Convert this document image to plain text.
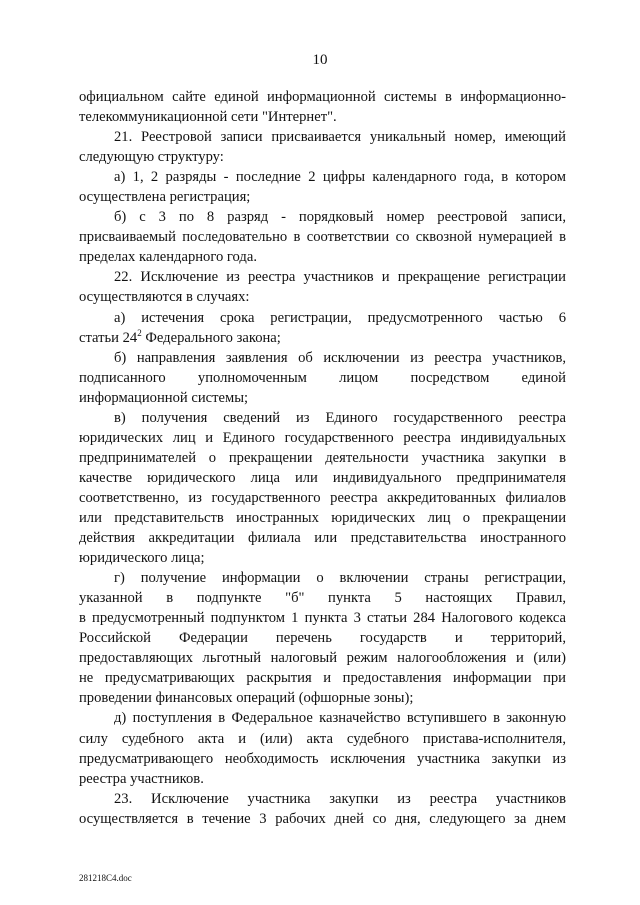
10
официальном сайте единой информационной системы в информационно-
телекоммуникационной сети "Интернет".
21. Реестровой записи присваивается уникальный номер, имеющий
следующую структуру:
а) 1, 2 разряды - последние 2 цифры календарного года, в котором
осуществлена регистрация;
б) с 3 по 8 разряд - порядковый номер реестровой записи,
присваиваемый последовательно в соответствии со сквозной нумерацией в
пределах календарного года.
22. Исключение из реестра участников и прекращение регистрации
осуществляются в случаях:
а) истечения срока регистрации, предусмотренного частью 6
статьи $24^2$ Федерального закона;
б) направления заявления об исключении из реестра участников,
подписанного уполномоченным лицом посредством единой
информационной системы;
в) получения сведений из Единого государственного реестра
юридических лиц и Единого государственного реестра индивидуальных
предпринимателей о прекращении деятельности участника закупки в
качестве юридического лица или индивидуального предпринимателя
соответственно, из государственного реестра аккредитованных филиалов
или представительств иностранных юридических лиц о прекращении
действия аккредитации филиала или представительства иностранного
юридического лица;
г) получение информации о включении страны регистрации,
указанной в подпункте "б" пункта 5 настоящих Правил,
в предусмотренный подпунктом 1 пункта 3 статьи 284 Налогового кодекса
Российской Федерации перечень государств и территорий,
предоставляющих льготный налоговый режим налогообложения и (или)
не предусматривающих раскрытия и предоставления информации при
проведении финансовых операций (офшорные зоны);
д) поступления в Федеральное казначейство вступившего в законную
силу судебного акта и (или) акта судебного пристава-исполнителя,
предусматривающего необходимость исключения участника закупки из
реестра участников.
23. Исключение участника закупки из реестра участников
осуществляется в течение 3 рабочих дней со дня, следующего за днем
281218C4.doc
